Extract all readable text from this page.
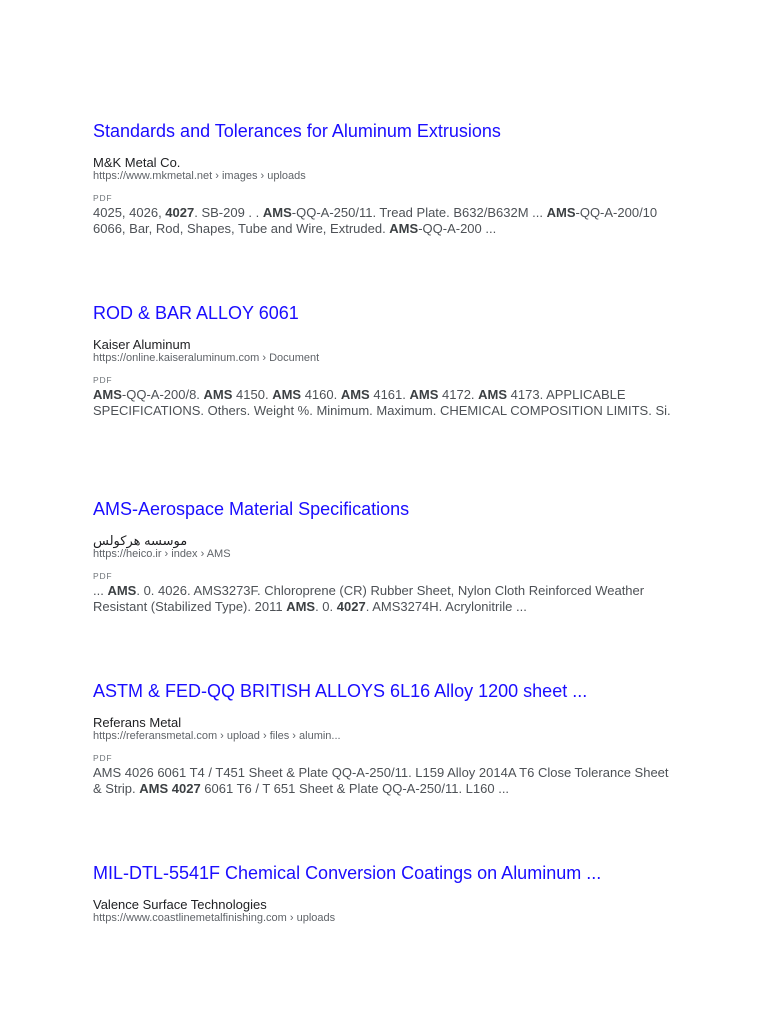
Standards and Tolerances for Aluminum Extrusions
M&K Metal Co.
https://www.mkmetal.net › images › uploads
PDF
4025, 4026, 4027. SB-209 . . AMS-QQ-A-250/11. Tread Plate. B632/B632M ... AMS-QQ-A-200/10 6066, Bar, Rod, Shapes, Tube and Wire, Extruded. AMS-QQ-A-200 ...
ROD & BAR ALLOY 6061
Kaiser Aluminum
https://online.kaiseraluminum.com › Document
PDF
AMS-QQ-A-200/8. AMS 4150. AMS 4160. AMS 4161. AMS 4172. AMS 4173. APPLICABLE SPECIFICATIONS. Others. Weight %. Minimum. Maximum. CHEMICAL COMPOSITION LIMITS. Si.
AMS-Aerospace Material Specifications
موسسه هرکولس
https://heico.ir › index › AMS
PDF
... AMS. 0. 4026. AMS3273F. Chloroprene (CR) Rubber Sheet, Nylon Cloth Reinforced Weather Resistant (Stabilized Type). 2011 AMS. 0. 4027. AMS3274H. Acrylonitrile ...
ASTM & FED-QQ BRITISH ALLOYS 6L16 Alloy 1200 sheet ...
Referans Metal
https://referansmetal.com › upload › files › alumin...
PDF
AMS 4026 6061 T4 / T451 Sheet & Plate QQ-A-250/11. L159 Alloy 2014A T6 Close Tolerance Sheet & Strip. AMS 4027 6061 T6 / T 651 Sheet & Plate QQ-A-250/11. L160 ...
MIL-DTL-5541F Chemical Conversion Coatings on Aluminum ...
Valence Surface Technologies
https://www.coastlinemetalfinishing.com › uploads
